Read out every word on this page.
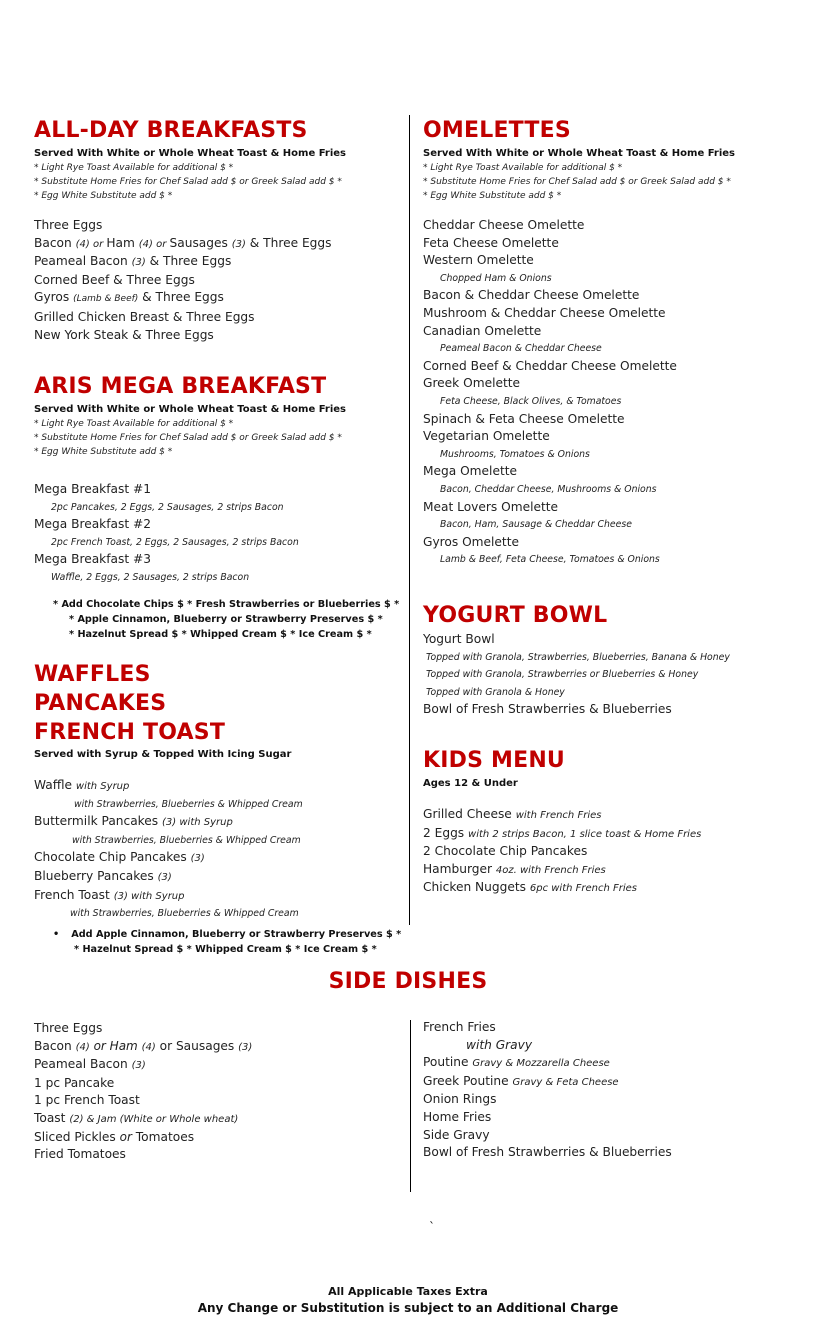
ALL-DAY BREAKFASTS
Served With White or Whole Wheat Toast & Home Fries
* Light Rye Toast Available for additional $ *
* Substitute Home Fries for Chef Salad add $ or Greek Salad add $ *
* Egg White Substitute add $ *
Three Eggs
Bacon (4) or Ham (4) or Sausages (3) & Three Eggs
Peameal Bacon (3) & Three Eggs
Corned Beef & Three Eggs
Gyros (Lamb & Beef) & Three Eggs
Grilled Chicken Breast & Three Eggs
New York Steak & Three Eggs
ARIS MEGA BREAKFAST
Served With White or Whole Wheat Toast & Home Fries
* Light Rye Toast Available for additional $ *
* Substitute Home Fries for Chef Salad add $ or Greek Salad add $ *
* Egg White Substitute add $ *
Mega Breakfast #1
2pc Pancakes, 2 Eggs, 2 Sausages, 2 strips Bacon
Mega Breakfast #2
2pc French Toast, 2 Eggs, 2 Sausages, 2 strips Bacon
Mega Breakfast #3
Waffle, 2 Eggs, 2 Sausages, 2 strips Bacon
* Add Chocolate Chips $ * Fresh Strawberries or Blueberries $ *
* Apple Cinnamon, Blueberry or Strawberry Preserves $ *
* Hazelnut Spread $ * Whipped Cream $ * Ice Cream $ *
WAFFLES
PANCAKES
FRENCH TOAST
Served with Syrup & Topped With Icing Sugar
Waffle with Syrup
with Strawberries, Blueberries & Whipped Cream
Buttermilk Pancakes (3) with Syrup
with Strawberries, Blueberries & Whipped Cream
Chocolate Chip Pancakes (3)
Blueberry Pancakes (3)
French Toast (3) with Syrup
with Strawberries, Blueberries & Whipped Cream
• Add Apple Cinnamon, Blueberry or Strawberry Preserves $ *
* Hazelnut Spread $ * Whipped Cream $ * Ice Cream $ *
OMELETTES
Served With White or Whole Wheat Toast & Home Fries
* Light Rye Toast Available for additional $ *
* Substitute Home Fries for Chef Salad add $ or Greek Salad add $ *
* Egg White Substitute add $ *
Cheddar Cheese Omelette
Feta Cheese Omelette
Western Omelette
Chopped Ham & Onions
Bacon & Cheddar Cheese Omelette
Mushroom & Cheddar Cheese Omelette
Canadian Omelette
Peameal Bacon & Cheddar Cheese
Corned Beef & Cheddar Cheese Omelette
Greek Omelette
Feta Cheese, Black Olives, & Tomatoes
Spinach & Feta Cheese Omelette
Vegetarian Omelette
Mushrooms, Tomatoes & Onions
Mega Omelette
Bacon, Cheddar Cheese, Mushrooms & Onions
Meat Lovers Omelette
Bacon, Ham, Sausage & Cheddar Cheese
Gyros Omelette
Lamb & Beef, Feta Cheese, Tomatoes & Onions
YOGURT BOWL
Yogurt Bowl
Topped with Granola, Strawberries, Blueberries, Banana & Honey
Topped with Granola, Strawberries or Blueberries & Honey
Topped with Granola & Honey
Bowl of Fresh Strawberries & Blueberries
KIDS MENU
Ages 12 & Under
Grilled Cheese with French Fries
2 Eggs with 2 strips Bacon, 1 slice toast & Home Fries
2 Chocolate Chip Pancakes
Hamburger 4oz. with French Fries
Chicken Nuggets 6pc with French Fries
SIDE DISHES
Three Eggs
Bacon (4) or Ham (4) or Sausages (3)
Peameal Bacon (3)
1 pc Pancake
1 pc French Toast
Toast (2) & Jam (White or Whole wheat)
Sliced Pickles or Tomatoes
Fried Tomatoes
French Fries
with Gravy
Poutine Gravy & Mozzarella Cheese
Greek Poutine Gravy & Feta Cheese
Onion Rings
Home Fries
Side Gravy
Bowl of Fresh Strawberries & Blueberries
`
All Applicable Taxes Extra
Any Change or Substitution is subject to an Additional Charge
